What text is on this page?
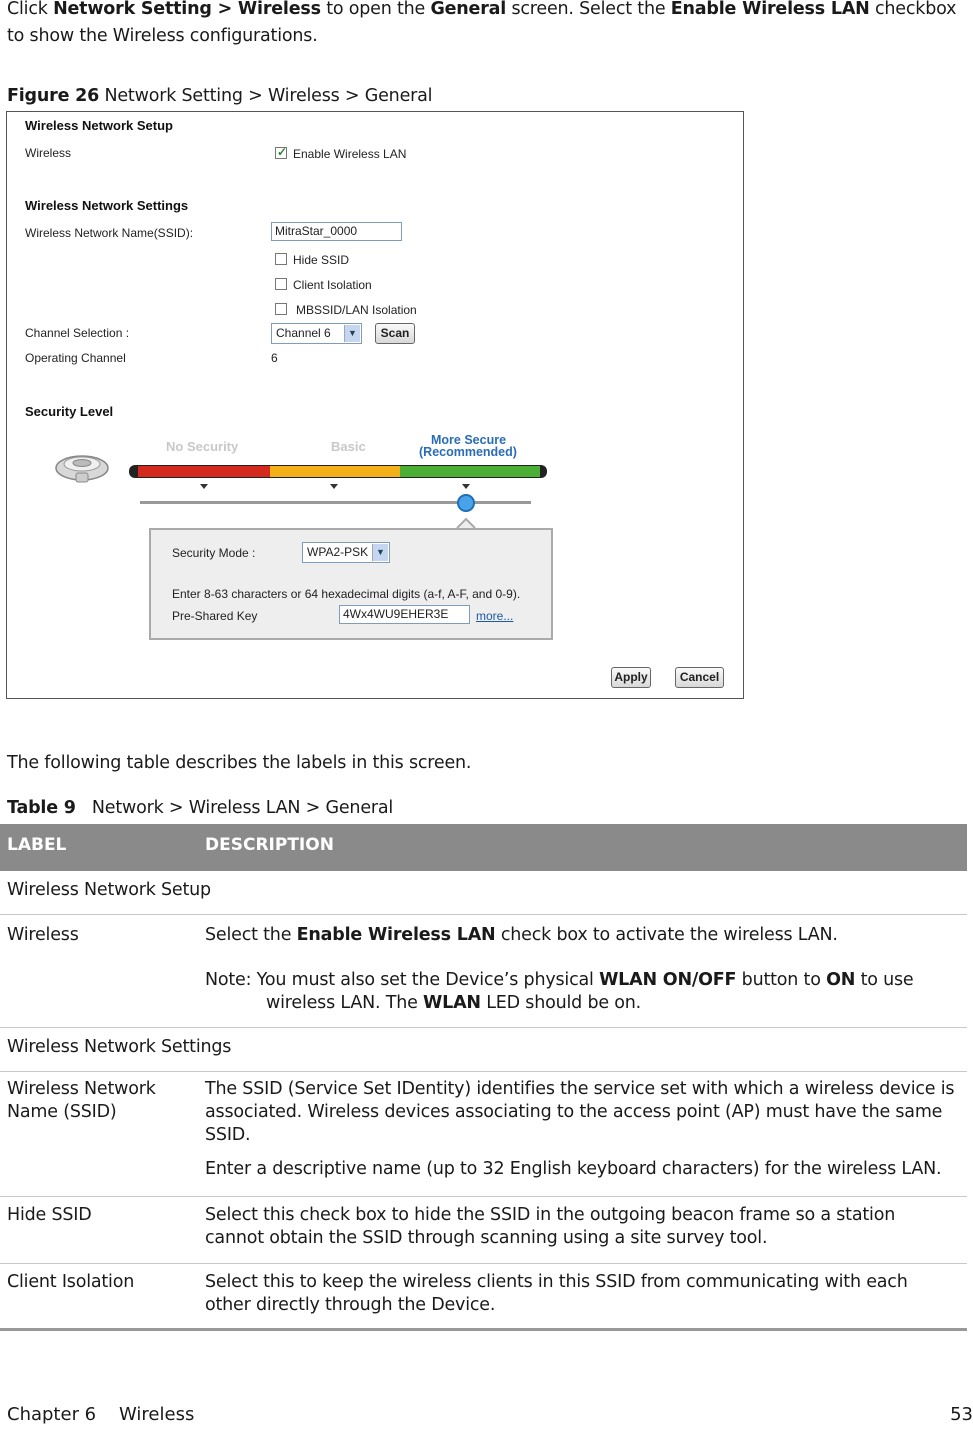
Click Network Setting > Wireless to open the General screen. Select the Enable Wireless LAN checkbox to show the Wireless configurations.

Figure 26 Network Setting > Wireless > General

Wireless Network Setup
Wireless
✓	Enable Wireless LAN
Wireless Network Settings
Wireless Network Name(SSID):	MitraStar_0000
Hide SSID
Client Isolation
MBSSID/LAN Isolation
Channel Selection :	Channel 6	▼	Scan
Operating Channel	6
Security Level
No Security	Basic	More Secure
(Recommended)
Security Mode :	WPA2-PSK ▼
Enter 8-63 characters or 64 hexadecimal digits (a-f, A-F, and 0-9).
Pre-Shared Key	4Wx4WU9EHER3E	more...
Apply	Cancel

The following table describes the labels in this screen.

Table 9 Network > Wireless LAN > General

LABEL	DESCRIPTION
Wireless Network Setup
Wireless	Select the Enable Wireless LAN check box to activate the wireless LAN.

Note: You must also set the Device’s physical WLAN ON/OFF button to ON to use wireless LAN. The WLAN LED should be on.

Wireless Network Settings
Wireless Network Name (SSID)

The SSID (Service Set IDentity) identifies the service set with which a wireless device is associated. Wireless devices associating to the access point (AP) must have the same SSID.

Enter a descriptive name (up to 32 English keyboard characters) for the wireless LAN.

Hide SSID	Select this check box to hide the SSID in the outgoing beacon frame so a station cannot obtain the SSID through scanning using a site survey tool.

Client Isolation	Select this to keep the wireless clients in this SSID from communicating with each other directly through the Device.

Chapter 6    Wireless	53
